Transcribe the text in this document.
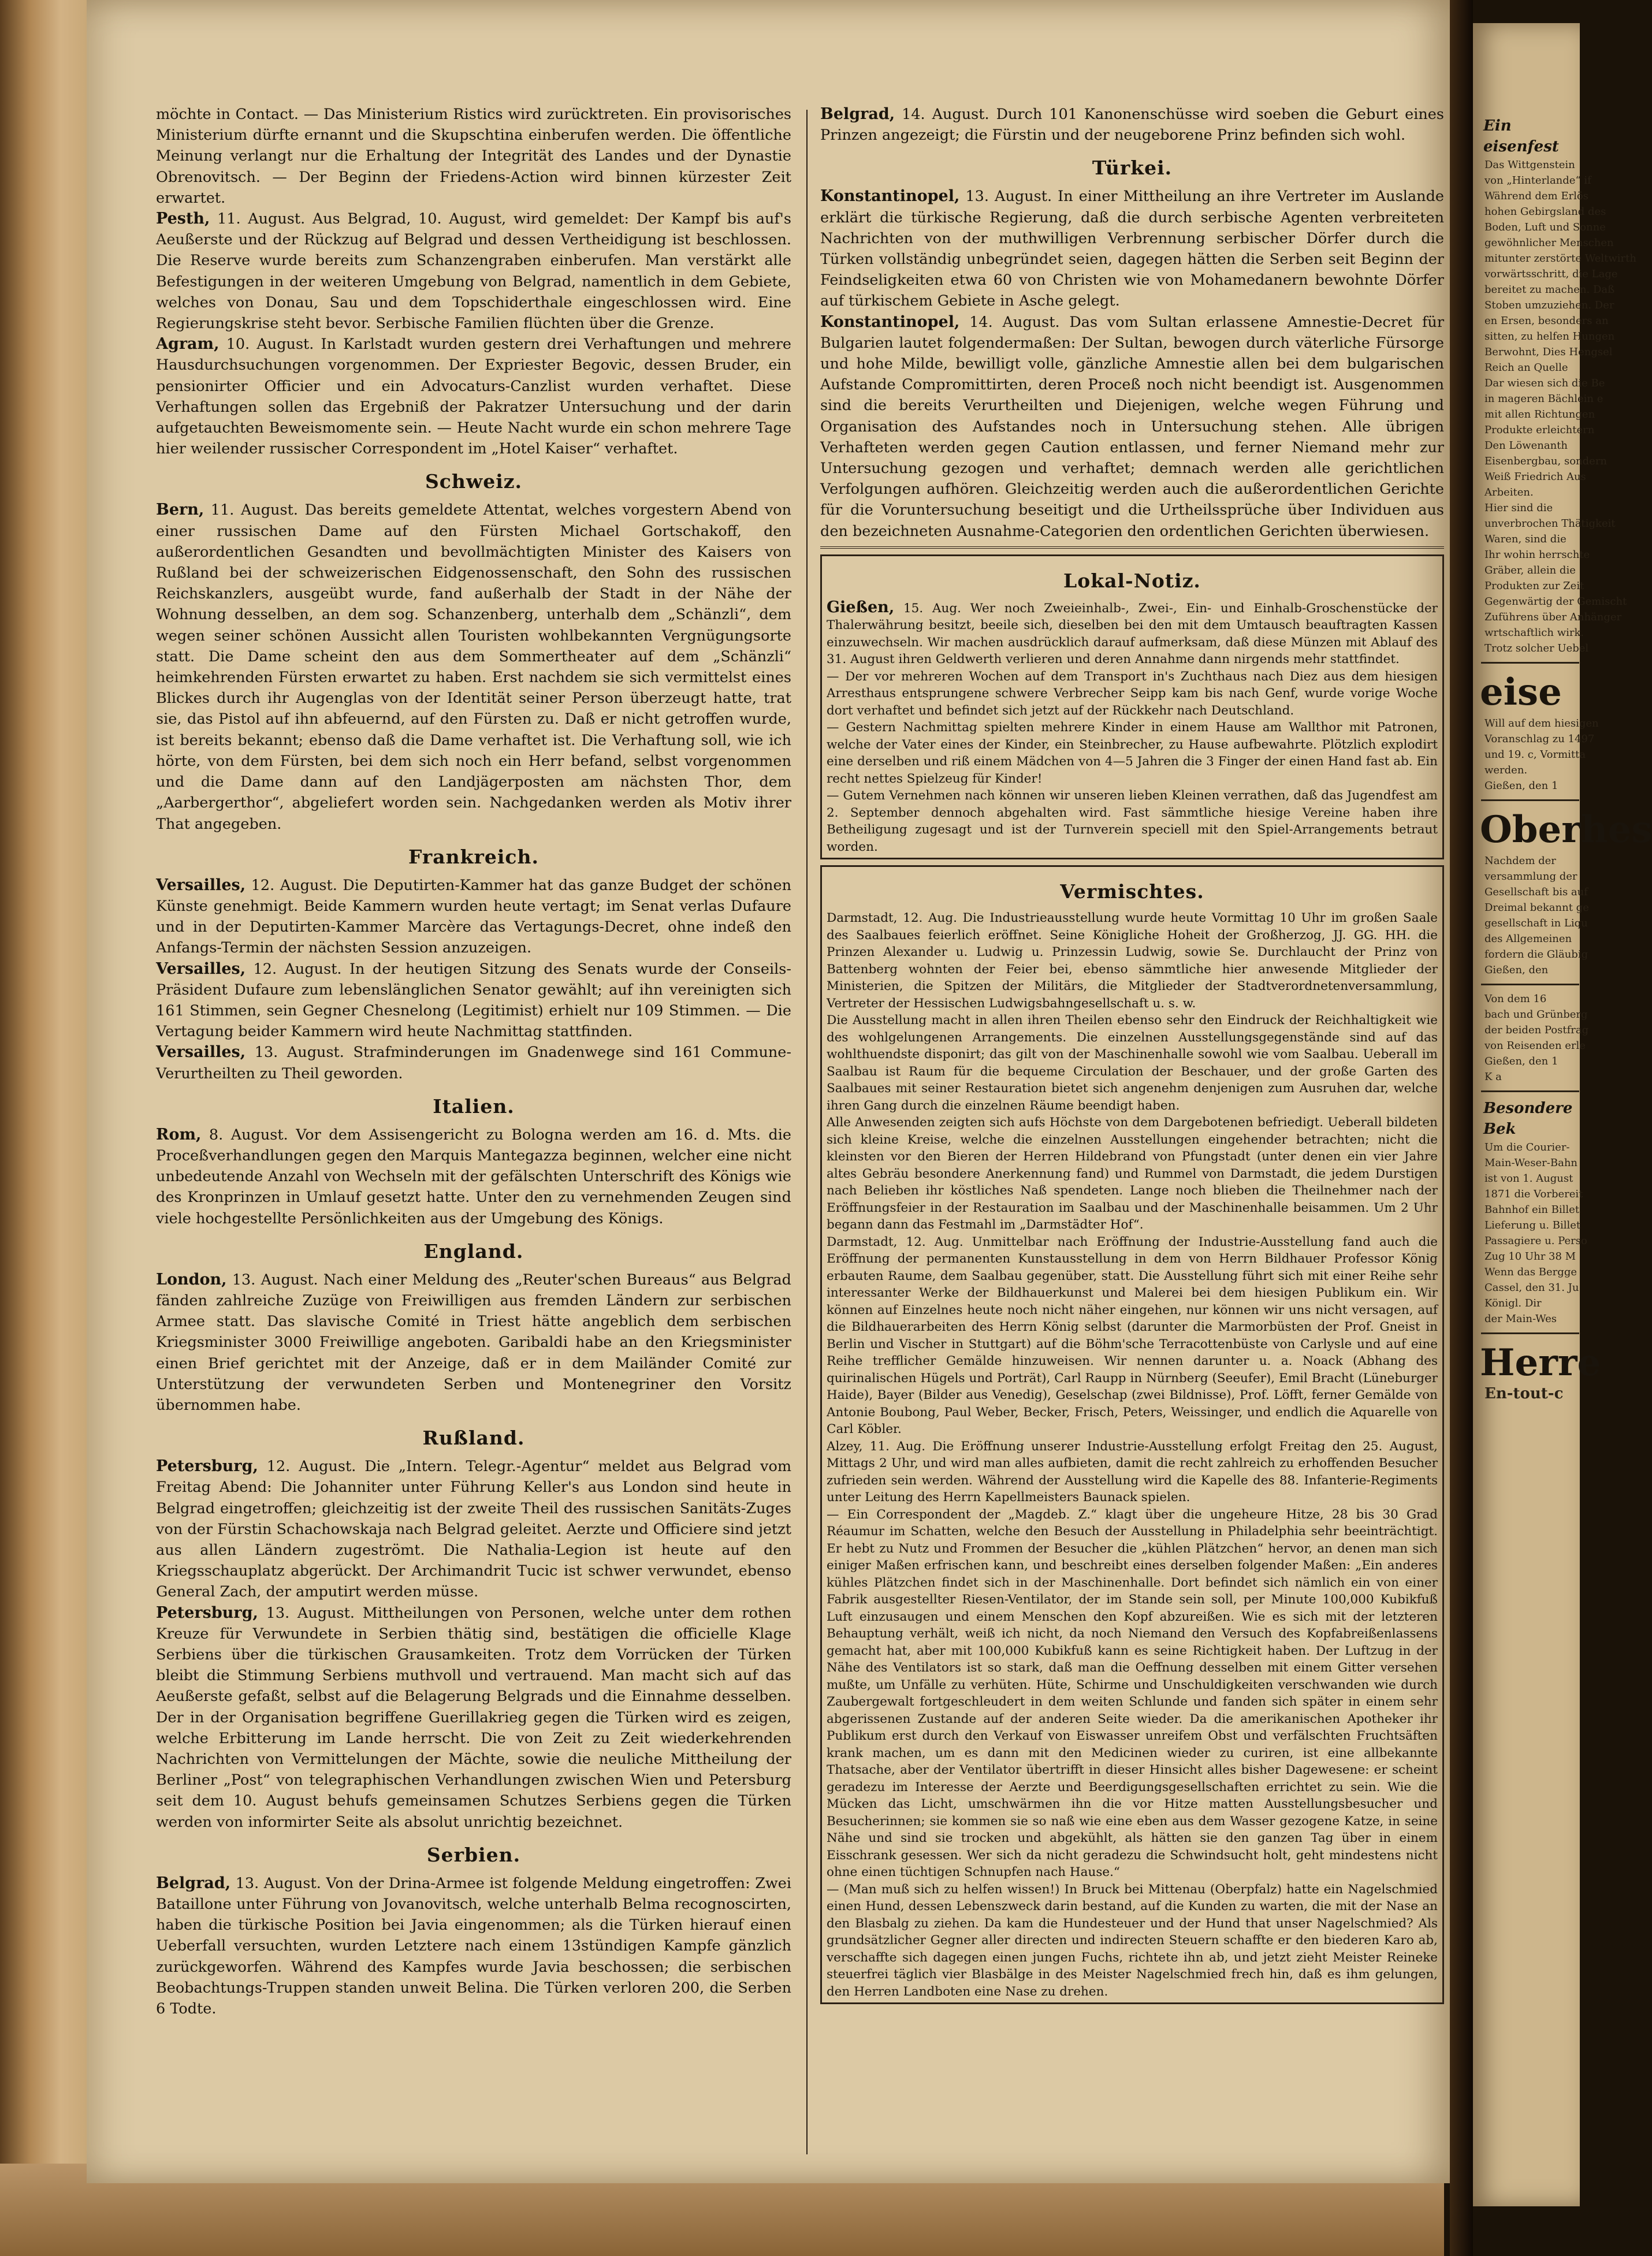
möchte in Contact. — Das Ministerium Ristics wird zurücktreten. Ein provisorisches Ministerium dürfte ernannt und die Skupschtina einberufen werden. Die öffentliche Meinung verlangt nur die Erhaltung der Integrität des Landes und der Dynastie Obrenovitsch. — Der Beginn der Friedens-Action wird binnen kürzester Zeit erwartet.

Pesth, 11. August. Aus Belgrad, 10. August, wird gemeldet: Der Kampf bis auf's Aeußerste und der Rückzug auf Belgrad und dessen Vertheidigung ist beschlossen. Die Reserve wurde bereits zum Schanzengraben einberufen. Man verstärkt alle Befestigungen in der weiteren Umgebung von Belgrad, namentlich in dem Gebiete, welches von Donau, Sau und dem Topschiderthale eingeschlossen wird. Eine Regierungskrise steht bevor. Serbische Familien flüchten über die Grenze.

Agram, 10. August. In Karlstadt wurden gestern drei Verhaftungen und mehrere Hausdurchsuchungen vorgenommen. Der Expriester Begovic, dessen Bruder, ein pensionirter Officier und ein Advocaturs-Canzlist wurden verhaftet. Diese Verhaftungen sollen das Ergebniß der Pakratzer Untersuchung und der darin aufgetauchten Beweismomente sein. — Heute Nacht wurde ein schon mehrere Tage hier weilender russischer Correspondent im „Hotel Kaiser“ verhaftet.

Schweiz.

Bern, 11. August. Das bereits gemeldete Attentat, welches vorgestern Abend von einer russischen Dame auf den Fürsten Michael Gortschakoff, den außerordentlichen Gesandten und bevollmächtigten Minister des Kaisers von Rußland bei der schweizerischen Eidgenossenschaft, den Sohn des russischen Reichskanzlers, ausgeübt wurde, fand außerhalb der Stadt in der Nähe der Wohnung desselben, an dem sog. Schanzenberg, unterhalb dem „Schänzli“, dem wegen seiner schönen Aussicht allen Touristen wohlbekannten Vergnügungsorte statt. Die Dame scheint den aus dem Sommertheater auf dem „Schänzli“ heimkehrenden Fürsten erwartet zu haben. Erst nachdem sie sich vermittelst eines Blickes durch ihr Augenglas von der Identität seiner Person überzeugt hatte, trat sie, das Pistol auf ihn abfeuernd, auf den Fürsten zu. Daß er nicht getroffen wurde, ist bereits bekannt; ebenso daß die Dame verhaftet ist. Die Verhaftung soll, wie ich hörte, von dem Fürsten, bei dem sich noch ein Herr befand, selbst vorgenommen und die Dame dann auf den Landjägerposten am nächsten Thor, dem „Aarbergerthor“, abgeliefert worden sein. Nachgedanken werden als Motiv ihrer That angegeben.

Frankreich.

Versailles, 12. August. Die Deputirten-Kammer hat das ganze Budget der schönen Künste genehmigt. Beide Kammern wurden heute vertagt; im Senat verlas Dufaure und in der Deputirten-Kammer Marcère das Vertagungs-Decret, ohne indeß den Anfangs-Termin der nächsten Session anzuzeigen.

Versailles, 12. August. In der heutigen Sitzung des Senats wurde der Conseils-Präsident Dufaure zum lebenslänglichen Senator gewählt; auf ihn vereinigten sich 161 Stimmen, sein Gegner Chesnelong (Legitimist) erhielt nur 109 Stimmen. — Die Vertagung beider Kammern wird heute Nachmittag stattfinden.

Versailles, 13. August. Strafminderungen im Gnadenwege sind 161 Commune-Verurtheilten zu Theil geworden.

Italien.

Rom, 8. August. Vor dem Assisengericht zu Bologna werden am 16. d. Mts. die Proceßverhandlungen gegen den Marquis Mantegazza beginnen, welcher eine nicht unbedeutende Anzahl von Wechseln mit der gefälschten Unterschrift des Königs wie des Kronprinzen in Umlauf gesetzt hatte. Unter den zu vernehmenden Zeugen sind viele hochgestellte Persönlichkeiten aus der Umgebung des Königs.

England.

London, 13. August. Nach einer Meldung des „Reuter'schen Bureaus“ aus Belgrad fänden zahlreiche Zuzüge von Freiwilligen aus fremden Ländern zur serbischen Armee statt. Das slavische Comité in Triest hätte angeblich dem serbischen Kriegsminister 3000 Freiwillige angeboten. Garibaldi habe an den Kriegsminister einen Brief gerichtet mit der Anzeige, daß er in dem Mailänder Comité zur Unterstützung der verwundeten Serben und Montenegriner den Vorsitz übernommen habe.

Rußland.

Petersburg, 12. August. Die „Intern. Telegr.-Agentur“ meldet aus Belgrad vom Freitag Abend: Die Johanniter unter Führung Keller's aus London sind heute in Belgrad eingetroffen; gleichzeitig ist der zweite Theil des russischen Sanitäts-Zuges von der Fürstin Schachowskaja nach Belgrad geleitet. Aerzte und Officiere sind jetzt aus allen Ländern zugeströmt. Die Nathalia-Legion ist heute auf den Kriegsschauplatz abgerückt. Der Archimandrit Tucic ist schwer verwundet, ebenso General Zach, der amputirt werden müsse.

Petersburg, 13. August. Mittheilungen von Personen, welche unter dem rothen Kreuze für Verwundete in Serbien thätig sind, bestätigen die officielle Klage Serbiens über die türkischen Grausamkeiten. Trotz dem Vorrücken der Türken bleibt die Stimmung Serbiens muthvoll und vertrauend. Man macht sich auf das Aeußerste gefaßt, selbst auf die Belagerung Belgrads und die Einnahme desselben. Der in der Organisation begriffene Guerillakrieg gegen die Türken wird es zeigen, welche Erbitterung im Lande herrscht. Die von Zeit zu Zeit wiederkehrenden Nachrichten von Vermittelungen der Mächte, sowie die neuliche Mittheilung der Berliner „Post“ von telegraphischen Verhandlungen zwischen Wien und Petersburg seit dem 10. August behufs gemeinsamen Schutzes Serbiens gegen die Türken werden von informirter Seite als absolut unrichtig bezeichnet.

Serbien.

Belgrad, 13. August. Von der Drina-Armee ist folgende Meldung eingetroffen: Zwei Bataillone unter Führung von Jovanovitsch, welche unterhalb Belma recognoscirten, haben die türkische Position bei Javia eingenommen; als die Türken hierauf einen Ueberfall versuchten, wurden Letztere nach einem 13stündigen Kampfe gänzlich zurückgeworfen. Während des Kampfes wurde Javia beschossen; die serbischen Beobachtungs-Truppen standen unweit Belina. Die Türken verloren 200, die Serben 6 Todte.

Belgrad, 14. August. Durch 101 Kanonenschüsse wird soeben die Geburt eines Prinzen angezeigt; die Fürstin und der neugeborene Prinz befinden sich wohl.

Türkei.

Konstantinopel, 13. August. In einer Mittheilung an ihre Vertreter im Auslande erklärt die türkische Regierung, daß die durch serbische Agenten verbreiteten Nachrichten von der muthwilligen Verbrennung serbischer Dörfer durch die Türken vollständig unbegründet seien, dagegen hätten die Serben seit Beginn der Feindseligkeiten etwa 60 von Christen wie von Mohamedanern bewohnte Dörfer auf türkischem Gebiete in Asche gelegt.

Konstantinopel, 14. August. Das vom Sultan erlassene Amnestie-Decret für Bulgarien lautet folgendermaßen: Der Sultan, bewogen durch väterliche Fürsorge und hohe Milde, bewilligt volle, gänzliche Amnestie allen bei dem bulgarischen Aufstande Compromittirten, deren Proceß noch nicht beendigt ist. Ausgenommen sind die bereits Verurtheilten und Diejenigen, welche wegen Führung und Organisation des Aufstandes noch in Untersuchung stehen. Alle übrigen Verhafteten werden gegen Caution entlassen, und ferner Niemand mehr zur Untersuchung gezogen und verhaftet; demnach werden alle gerichtlichen Verfolgungen aufhören. Gleichzeitig werden auch die außerordentlichen Gerichte für die Voruntersuchung beseitigt und die Urtheilssprüche über Individuen aus den bezeichneten Ausnahme-Categorien den ordentlichen Gerichten überwiesen.

Lokal-Notiz.

Gießen, 15. Aug. Wer noch Zweieinhalb-, Zwei-, Ein- und Einhalb-Groschenstücke der Thalerwährung besitzt, beeile sich, dieselben bei den mit dem Umtausch beauftragten Kassen einzuwechseln. Wir machen ausdrücklich darauf aufmerksam, daß diese Münzen mit Ablauf des 31. August ihren Geldwerth verlieren und deren Annahme dann nirgends mehr stattfindet.

— Der vor mehreren Wochen auf dem Transport in's Zuchthaus nach Diez aus dem hiesigen Arresthaus entsprungene schwere Verbrecher Seipp kam bis nach Genf, wurde vorige Woche dort verhaftet und befindet sich jetzt auf der Rückkehr nach Deutschland.

— Gestern Nachmittag spielten mehrere Kinder in einem Hause am Wallthor mit Patronen, welche der Vater eines der Kinder, ein Steinbrecher, zu Hause aufbewahrte. Plötzlich explodirt eine derselben und riß einem Mädchen von 4—5 Jahren die 3 Finger der einen Hand fast ab. Ein recht nettes Spielzeug für Kinder!

— Gutem Vernehmen nach können wir unseren lieben Kleinen verrathen, daß das Jugendfest am 2. September dennoch abgehalten wird. Fast sämmtliche hiesige Vereine haben ihre Betheiligung zugesagt und ist der Turnverein speciell mit den Spiel-Arrangements betraut worden.

Vermischtes.

Darmstadt, 12. Aug. Die Industrieausstellung wurde heute Vormittag 10 Uhr im großen Saale des Saalbaues feierlich eröffnet. Seine Königliche Hoheit der Großherzog, JJ. GG. HH. die Prinzen Alexander u. Ludwig u. Prinzessin Ludwig, sowie Se. Durchlaucht der Prinz von Battenberg wohnten der Feier bei, ebenso sämmtliche hier anwesende Mitglieder der Ministerien, die Spitzen der Militärs, die Mitglieder der Stadtverordnetenversammlung, Vertreter der Hessischen Ludwigsbahngesellschaft u. s. w.

Die Ausstellung macht in allen ihren Theilen ebenso sehr den Eindruck der Reichhaltigkeit wie des wohlgelungenen Arrangements. Die einzelnen Ausstellungsgegenstände sind auf das wohlthuendste disponirt; das gilt von der Maschinenhalle sowohl wie vom Saalbau. Ueberall im Saalbau ist Raum für die bequeme Circulation der Beschauer, und der große Garten des Saalbaues mit seiner Restauration bietet sich angenehm denjenigen zum Ausruhen dar, welche ihren Gang durch die einzelnen Räume beendigt haben.

Alle Anwesenden zeigten sich aufs Höchste von dem Dargebotenen befriedigt. Ueberall bildeten sich kleine Kreise, welche die einzelnen Ausstellungen eingehender betrachten; nicht die kleinsten vor den Bieren der Herren Hildebrand von Pfungstadt (unter denen ein vier Jahre altes Gebräu besondere Anerkennung fand) und Rummel von Darmstadt, die jedem Durstigen nach Belieben ihr köstliches Naß spendeten. Lange noch blieben die Theilnehmer nach der Eröffnungsfeier in der Restauration im Saalbau und der Maschinenhalle beisammen. Um 2 Uhr begann dann das Festmahl im „Darmstädter Hof“.

Darmstadt, 12. Aug. Unmittelbar nach Eröffnung der Industrie-Ausstellung fand auch die Eröffnung der permanenten Kunstausstellung in dem von Herrn Bildhauer Professor König erbauten Raume, dem Saalbau gegenüber, statt. Die Ausstellung führt sich mit einer Reihe sehr interessanter Werke der Bildhauerkunst und Malerei bei dem hiesigen Publikum ein. Wir können auf Einzelnes heute noch nicht näher eingehen, nur können wir uns nicht versagen, auf die Bildhauerarbeiten des Herrn König selbst (darunter die Marmorbüsten der Prof. Gneist in Berlin und Vischer in Stuttgart) auf die Böhm'sche Terracottenbüste von Carlysle und auf eine Reihe trefflicher Gemälde hinzuweisen. Wir nennen darunter u. a. Noack (Abhang des quirinalischen Hügels und Porträt), Carl Raupp in Nürnberg (Seeufer), Emil Bracht (Lüneburger Haide), Bayer (Bilder aus Venedig), Geselschap (zwei Bildnisse), Prof. Löfft, ferner Gemälde von Antonie Boubong, Paul Weber, Becker, Frisch, Peters, Weissinger, und endlich die Aquarelle von Carl Köbler.

Alzey, 11. Aug. Die Eröffnung unserer Industrie-Ausstellung erfolgt Freitag den 25. August, Mittags 2 Uhr, und wird man alles aufbieten, damit die recht zahlreich zu erhoffenden Besucher zufrieden sein werden. Während der Ausstellung wird die Kapelle des 88. Infanterie-Regiments unter Leitung des Herrn Kapellmeisters Baunack spielen.

— Ein Correspondent der „Magdeb. Z.“ klagt über die ungeheure Hitze, 28 bis 30 Grad Réaumur im Schatten, welche den Besuch der Ausstellung in Philadelphia sehr beeinträchtigt. Er hebt zu Nutz und Frommen der Besucher die „kühlen Plätzchen“ hervor, an denen man sich einiger Maßen erfrischen kann, und beschreibt eines derselben folgender Maßen: „Ein anderes kühles Plätzchen findet sich in der Maschinenhalle. Dort befindet sich nämlich ein von einer Fabrik ausgestellter Riesen-Ventilator, der im Stande sein soll, per Minute 100,000 Kubikfuß Luft einzusaugen und einem Menschen den Kopf abzureißen. Wie es sich mit der letzteren Behauptung verhält, weiß ich nicht, da noch Niemand den Versuch des Kopfabreißenlassens gemacht hat, aber mit 100,000 Kubikfuß kann es seine Richtigkeit haben. Der Luftzug in der Nähe des Ventilators ist so stark, daß man die Oeffnung desselben mit einem Gitter versehen mußte, um Unfälle zu verhüten. Hüte, Schirme und Unschuldigkeiten verschwanden wie durch Zaubergewalt fortgeschleudert in dem weiten Schlunde und fanden sich später in einem sehr abgerissenen Zustande auf der anderen Seite wieder. Da die amerikanischen Apotheker ihr Publikum erst durch den Verkauf von Eiswasser unreifem Obst und verfälschten Fruchtsäften krank machen, um es dann mit den Medicinen wieder zu curiren, ist eine allbekannte Thatsache, aber der Ventilator übertrifft in dieser Hinsicht alles bisher Dagewesene: er scheint geradezu im Interesse der Aerzte und Beerdigungsgesellschaften errichtet zu sein. Wie die Mücken das Licht, umschwärmen ihn die vor Hitze matten Ausstellungsbesucher und Besucherinnen; sie kommen sie so naß wie eine eben aus dem Wasser gezogene Katze, in seine Nähe und sind sie trocken und abgekühlt, als hätten sie den ganzen Tag über in einem Eisschrank gesessen. Wer sich da nicht geradezu die Schwindsucht holt, geht mindestens nicht ohne einen tüchtigen Schnupfen nach Hause.“

— (Man muß sich zu helfen wissen!) In Bruck bei Mittenau (Oberpfalz) hatte ein Nagelschmied einen Hund, dessen Lebenszweck darin bestand, auf die Kunden zu warten, die mit der Nase an den Blasbalg zu ziehen. Da kam die Hundesteuer und der Hund that unser Nagelschmied? Als grundsätzlicher Gegner aller directen und indirecten Steuern schaffte er den biederen Karo ab, verschaffte sich dagegen einen jungen Fuchs, richtete ihn ab, und jetzt zieht Meister Reineke steuerfrei täglich vier Blasbälge in des Meister Nagelschmied frech hin, daß es ihm gelungen, den Herren Landboten eine Nase zu drehen.

Ein eisenfest
Das Wittgenstein
von „Hinterlande“ if
Während dem Erlös
hohen Gebirgsland des
Boden, Luft und Sonne
gewöhnlicher Menschen
mitunter zerstörte Weltwirth
vorwärtsschritt, die Lage
bereitet zu machen. Daß
Stoben umzuziehen. Der
en Ersen, besonders an
sitten, zu helfen Hungen
Berwohnt, Dies Hengsel
Reich an Quelle
Dar wiesen sich die Be
in mageren Bächlein e
mit allen Richtungen
Produkte erleichtern
Den Löwenanth
Eisenbergbau, sondern
Weiß Friedrich Aus
Arbeiten.
Hier sind die
unverbrochen Thätigkeit
Waren, sind die
Ihr wohin herrschte
Gräber, allein die
Produkten zur Zeit
Gegenwärtig der Gemischt
Zuführens über Anhänger
wrtschaftlich wirk.
Trotz solcher Uebel
eise
Will auf dem hiesigen
Voranschlag zu 1497
und 19. c, Vormitta
werden.
Gießen, den 1
Oberhes
Nachdem der
versammlung der
Gesellschaft bis auf
Dreimal bekannt ge
gesellschaft in Liqu
des Allgemeinen
fordern die Gläubig
Gießen, den
Von dem 16
bach und Grünberg
der beiden Postfrag
von Reisenden erle
Gießen, den 1
K a
Besondere Bek
Um die Courier-
Main-Weser-Bahn
ist von 1. August
1871 die Vorbereit
Bahnhof ein Billet
Lieferung u. Billet
Passagiere u. Perso
Zug 10 Uhr 38 M
Wenn das Bergge
Cassel, den 31. Ju
Königl. Dir
der Main-Wes
Herre
En-tout-c
